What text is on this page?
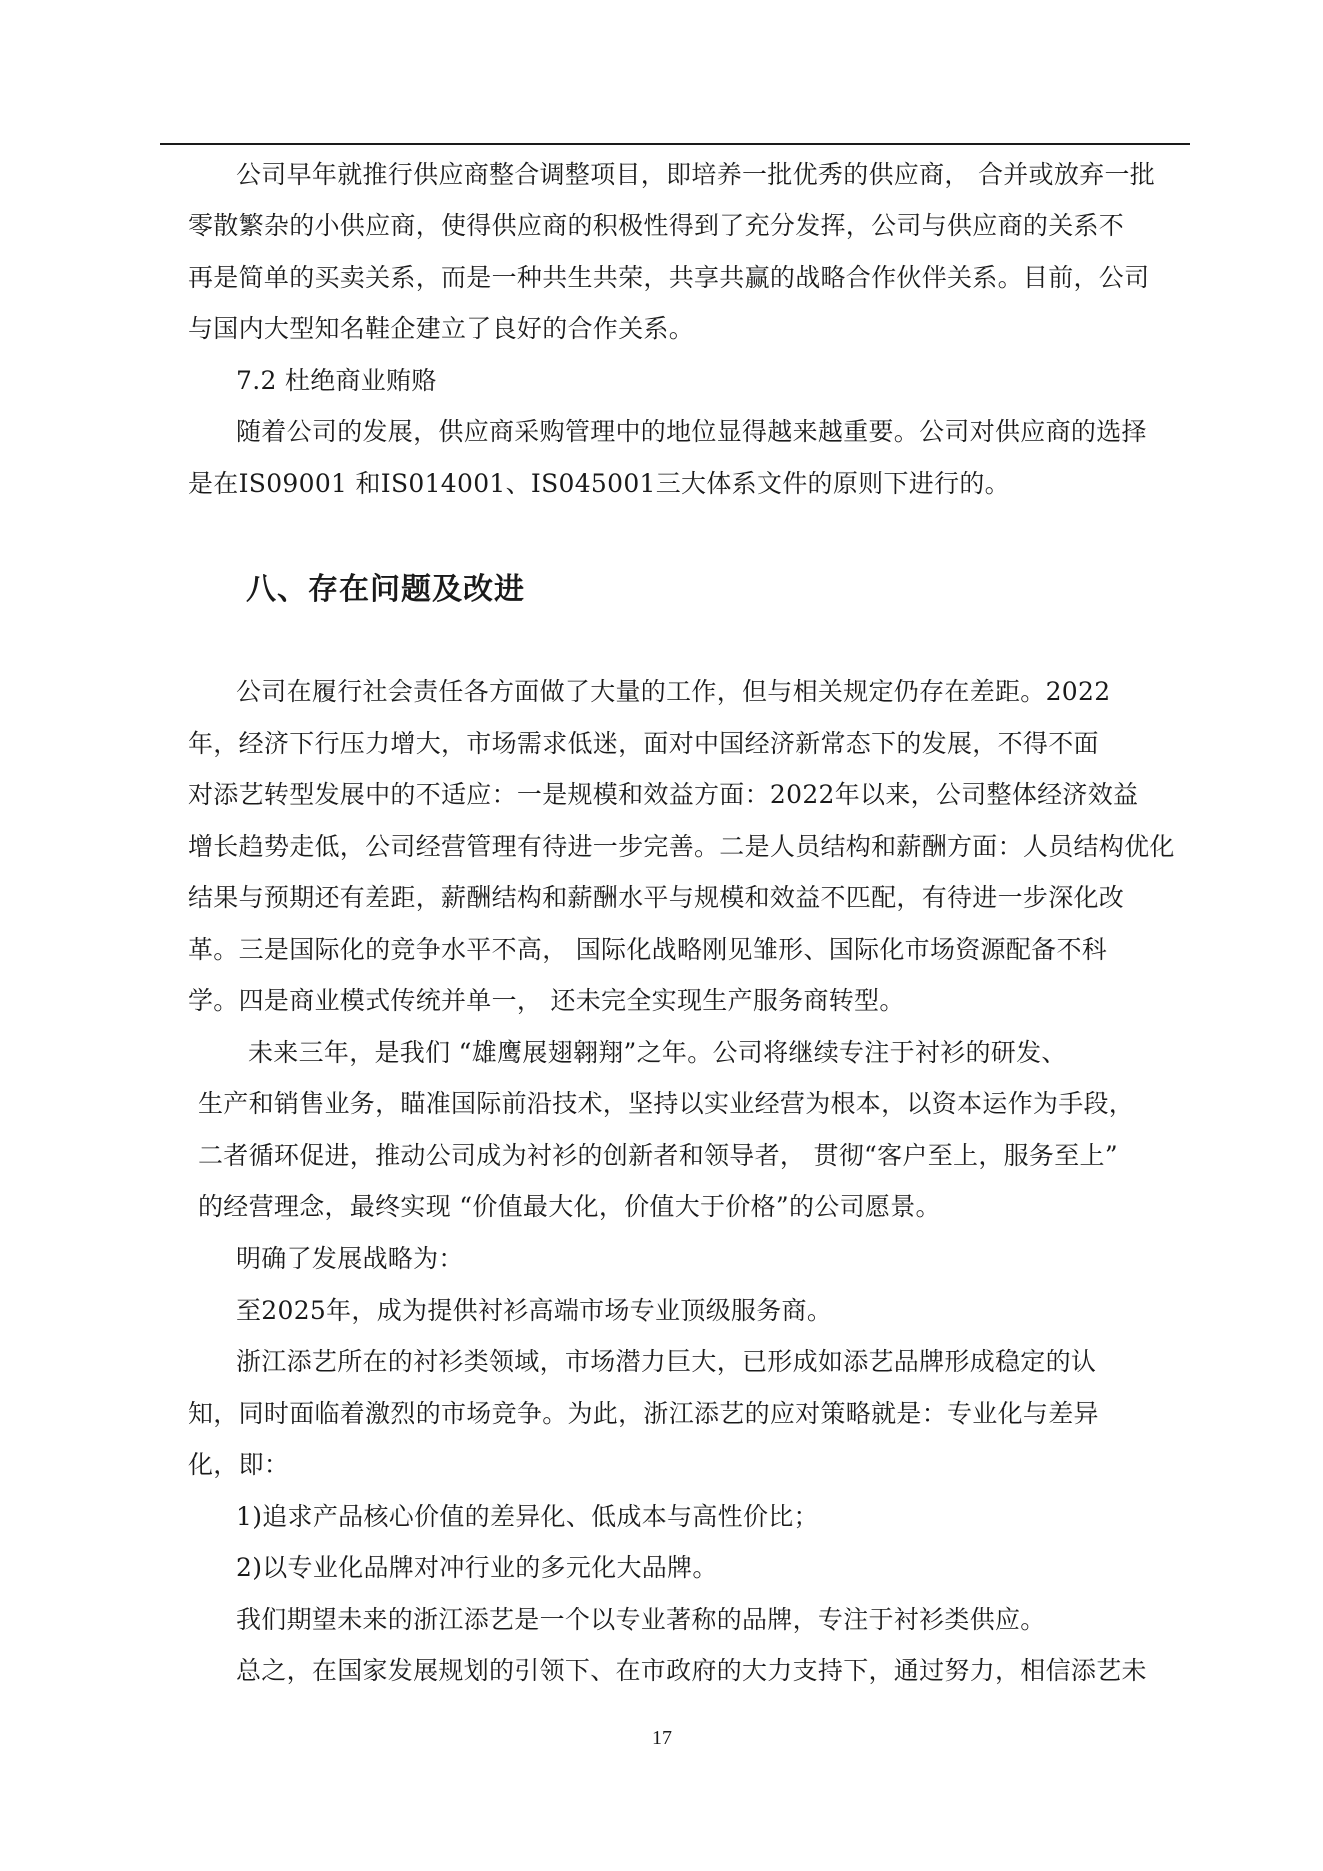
公司早年就推行供应商整合调整项目，即培养一批优秀的供应商， 合并或放弃一批
零散繁杂的小供应商，使得供应商的积极性得到了充分发挥，公司与供应商的关系不
再是简单的买卖关系，而是一种共生共荣，共享共赢的战略合作伙伴关系。目前，公司
与国内大型知名鞋企建立了良好的合作关系。
7.2 杜绝商业贿赂
随着公司的发展，供应商采购管理中的地位显得越来越重要。公司对供应商的选择
是在IS09001 和IS014001、IS045001三大体系文件的原则下进行的。
八、存在问题及改进
公司在履行社会责任各方面做了大量的工作，但与相关规定仍存在差距。2022
年，经济下行压力增大，市场需求低迷，面对中国经济新常态下的发展，不得不面
对添艺转型发展中的不适应：一是规模和效益方面：2022年以来，公司整体经济效益
增长趋势走低，公司经营管理有待进一步完善。二是人员结构和薪酬方面：人员结构优化
结果与预期还有差距，薪酬结构和薪酬水平与规模和效益不匹配，有待进一步深化改
革。三是国际化的竞争水平不高， 国际化战略刚见雏形、国际化市场资源配备不科
学。四是商业模式传统并单一， 还未完全实现生产服务商转型。
未来三年，是我们 “雄鹰展翅翱翔”之年。公司将继续专注于衬衫的研发、
生产和销售业务，瞄准国际前沿技术，坚持以实业经营为根本，以资本运作为手段，
二者循环促进，推动公司成为衬衫的创新者和领导者， 贯彻“客户至上，服务至上”
的经营理念，最终实现 “价值最大化，价值大于价格”的公司愿景。
明确了发展战略为：
至2025年，成为提供衬衫高端市场专业顶级服务商。
浙江添艺所在的衬衫类领域，市场潜力巨大，已形成如添艺品牌形成稳定的认
知，同时面临着激烈的市场竞争。为此，浙江添艺的应对策略就是：专业化与差异
化，即：
1)追求产品核心价值的差异化、低成本与高性价比；
2)以专业化品牌对冲行业的多元化大品牌。
我们期望未来的浙江添艺是一个以专业著称的品牌，专注于衬衫类供应。
总之，在国家发展规划的引领下、在市政府的大力支持下，通过努力，相信添艺未
17
